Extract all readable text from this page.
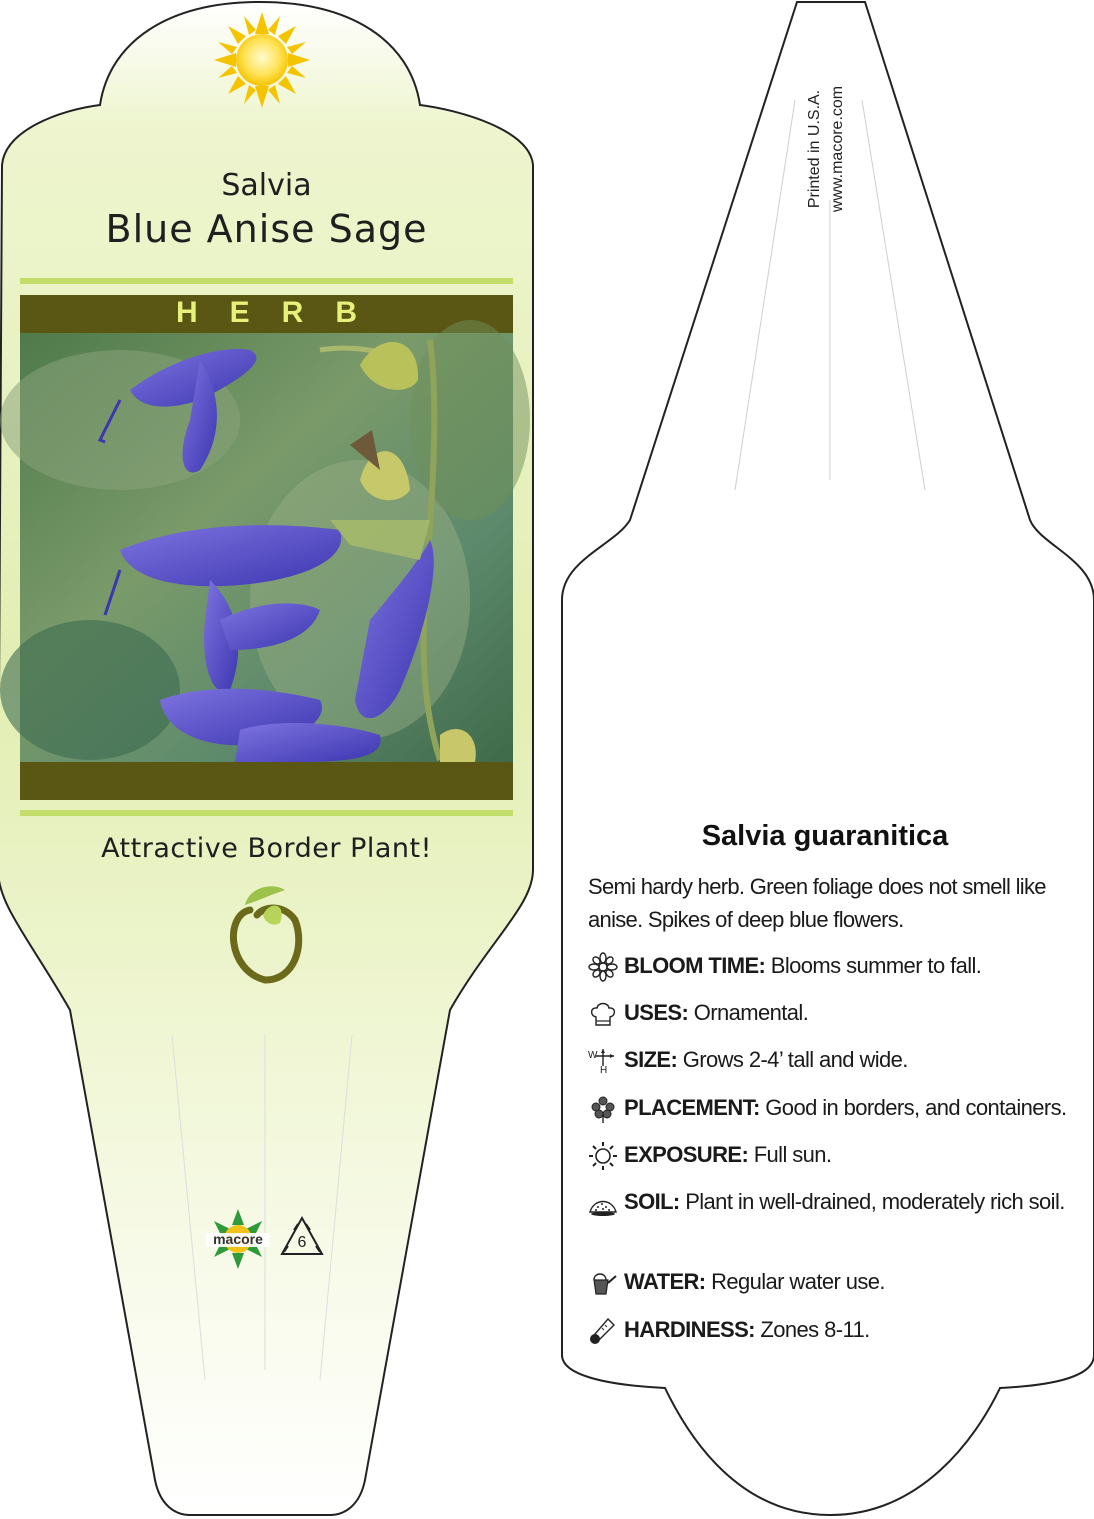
Salvia
Blue Anise Sage
HERB
Attractive Border Plant!
macore	6
Printed in U.S.A. www.macore.com
Salvia guaranitica
Semi hardy herb. Green foliage does not smell like anise. Spikes of deep blue flowers.
BLOOM TIME: Blooms summer to fall.
USES: Ornamental.
W
H SIZE: Grows 2-4’ tall and wide.
PLACEMENT: Good in borders, and containers.
EXPOSURE: Full sun.
SOIL: Plant in well-drained, moderately rich soil.
WATER: Regular water use.
HARDINESS: Zones 8-11.
